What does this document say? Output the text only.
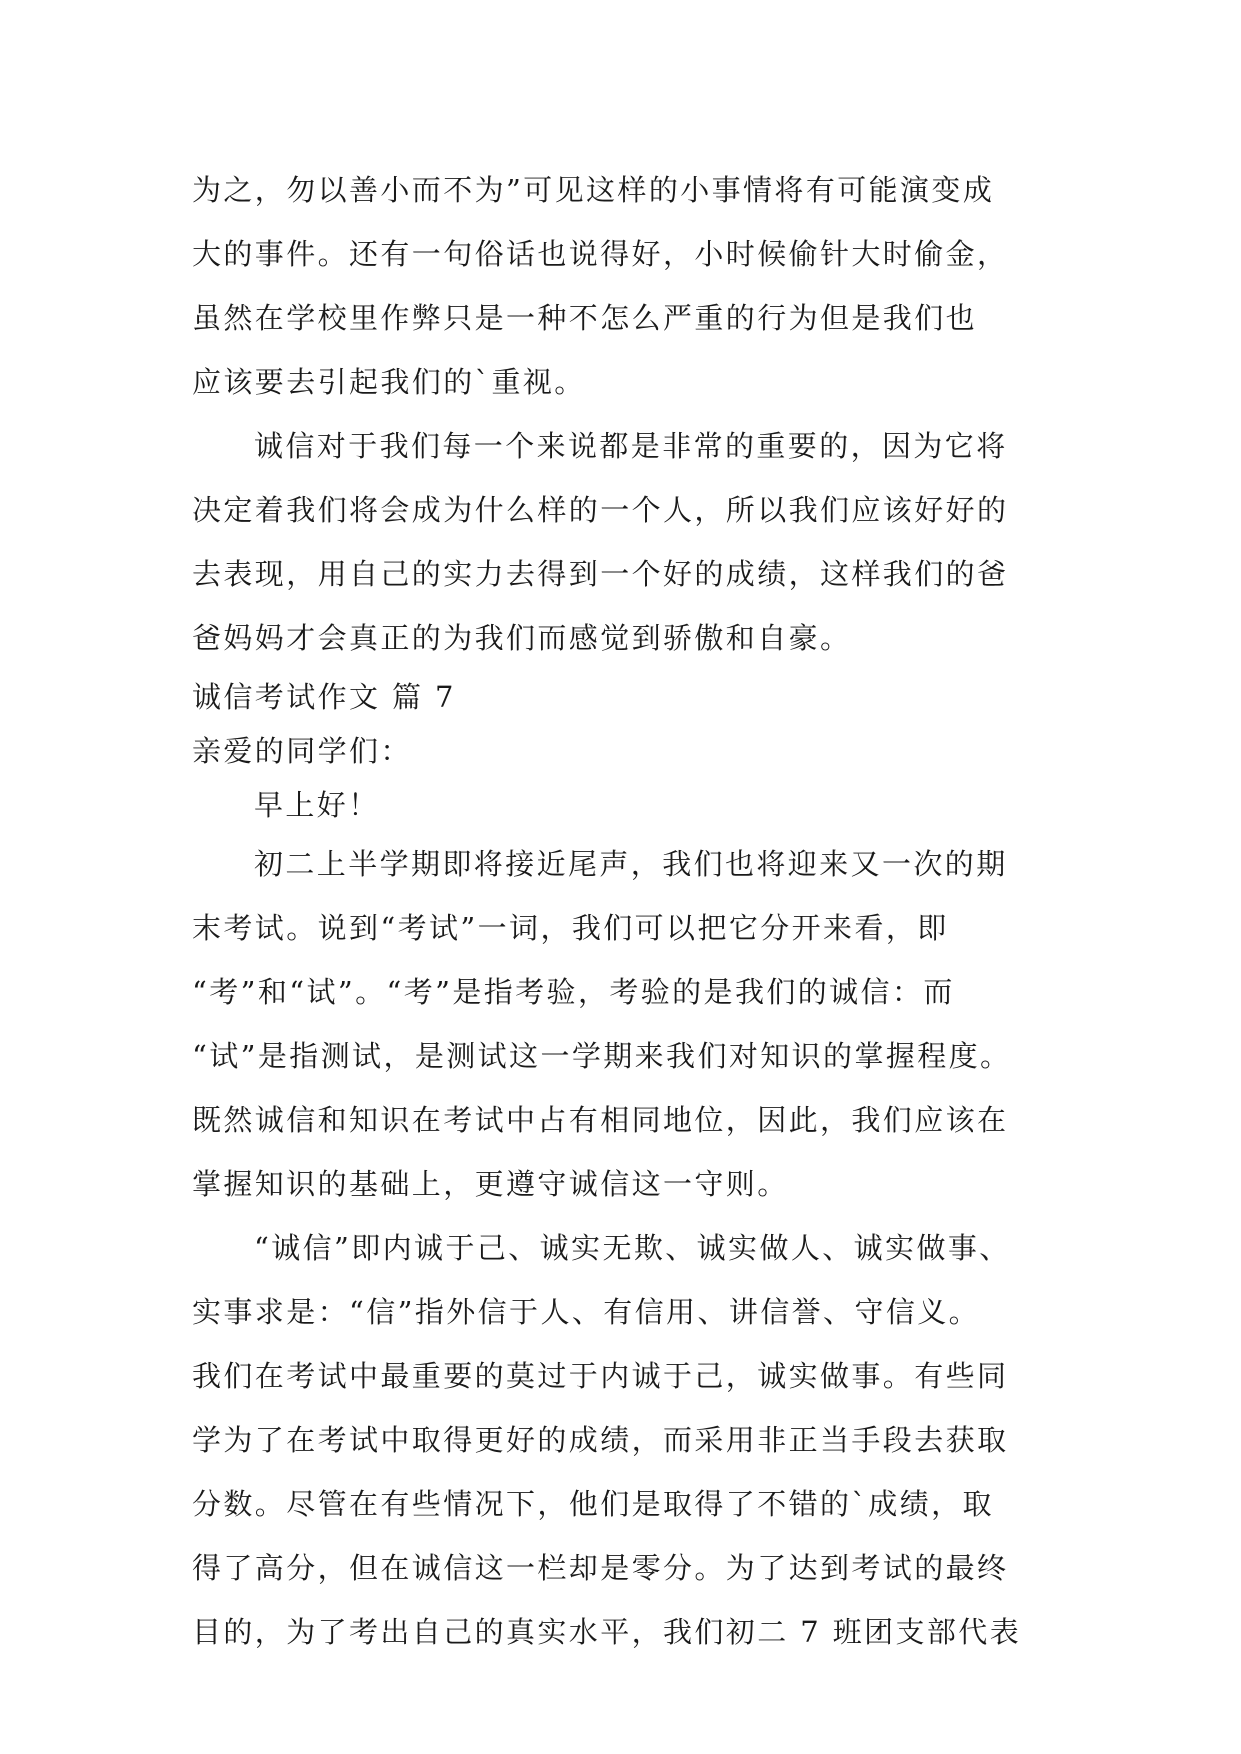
为之，勿以善小而不为”可见这样的小事情将有可能演变成
大的事件。还有一句俗话也说得好，小时候偷针大时偷金，
虽然在学校里作弊只是一种不怎么严重的行为但是我们也
应该要去引起我们的`重视。
诚信对于我们每一个来说都是非常的重要的，因为它将
决定着我们将会成为什么样的一个人，所以我们应该好好的
去表现，用自己的实力去得到一个好的成绩，这样我们的爸
爸妈妈才会真正的为我们而感觉到骄傲和自豪。
诚信考试作文 篇 7
亲爱的同学们：
早上好！
初二上半学期即将接近尾声，我们也将迎来又一次的期
末考试。说到“考试”一词，我们可以把它分开来看，即
“考”和“试”。“考”是指考验，考验的是我们的诚信：而
“试”是指测试，是测试这一学期来我们对知识的掌握程度。
既然诚信和知识在考试中占有相同地位，因此，我们应该在
掌握知识的基础上，更遵守诚信这一守则。
“诚信”即内诚于己、诚实无欺、诚实做人、诚实做事、
实事求是：“信”指外信于人、有信用、讲信誉、守信义。
我们在考试中最重要的莫过于内诚于己，诚实做事。有些同
学为了在考试中取得更好的成绩，而采用非正当手段去获取
分数。尽管在有些情况下，他们是取得了不错的`成绩，取
得了高分，但在诚信这一栏却是零分。为了达到考试的最终
目的，为了考出自己的真实水平，我们初二 7 班团支部代表
